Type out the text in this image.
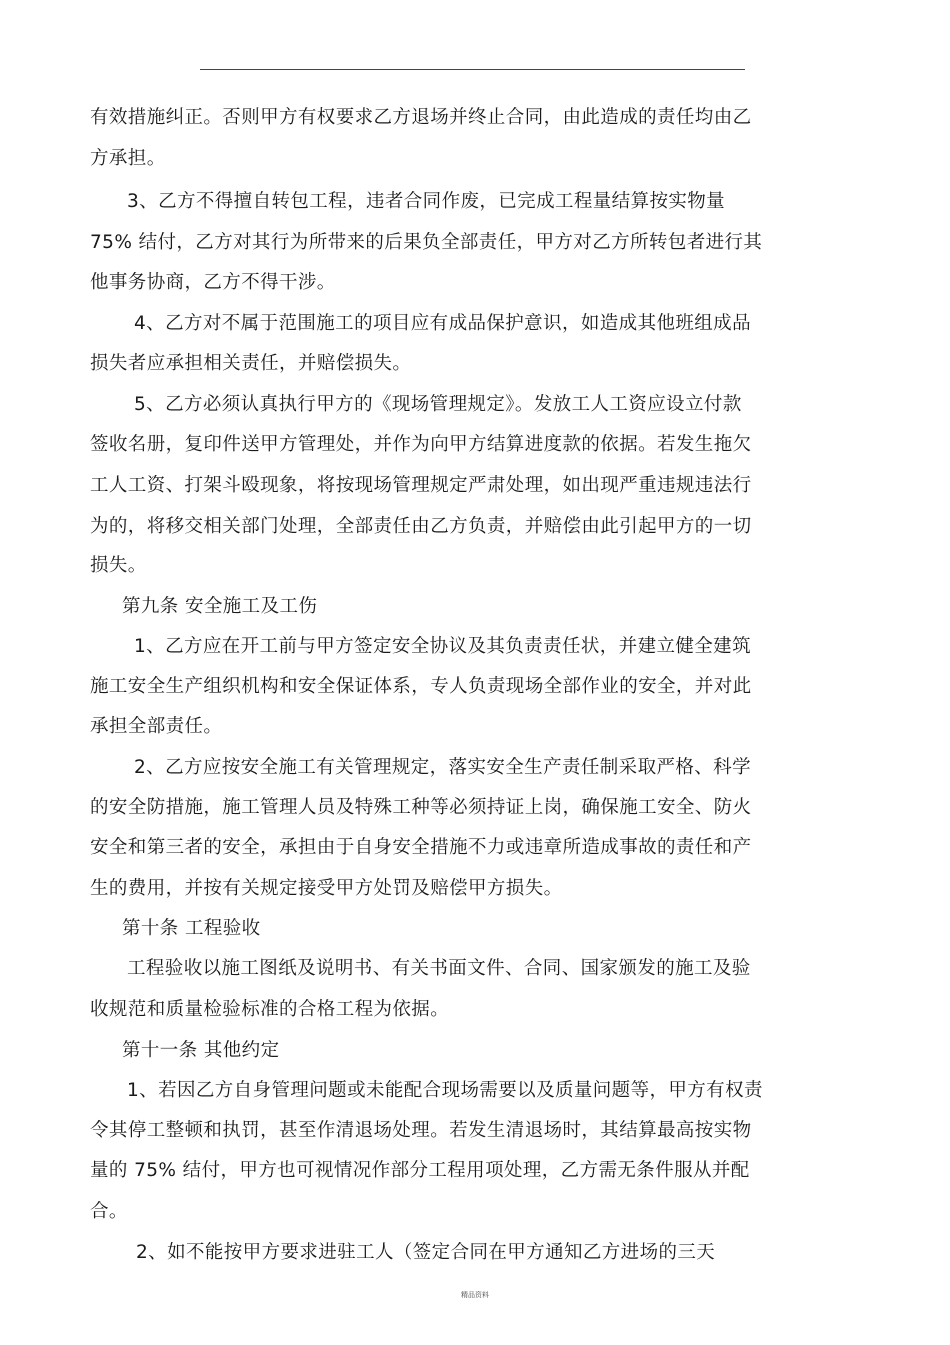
有效措施纠正。否则甲方有权要求乙方退场并终止合同，由此造成的责任均由乙
方承担。
3、乙方不得擅自转包工程，违者合同作废，已完成工程量结算按实物量
75% 结付，乙方对其行为所带来的后果负全部责任，甲方对乙方所转包者进行其
他事务协商，乙方不得干涉。
4、乙方对不属于范围施工的项目应有成品保护意识，如造成其他班组成品
损失者应承担相关责任，并赔偿损失。
5、乙方必须认真执行甲方的《现场管理规定》。发放工人工资应设立付款
签收名册，复印件送甲方管理处，并作为向甲方结算进度款的依据。若发生拖欠
工人工资、打架斗殴现象，将按现场管理规定严肃处理，如出现严重违规违法行
为的，将移交相关部门处理，全部责任由乙方负责，并赔偿由此引起甲方的一切
损失。
第九条 安全施工及工伤
1、乙方应在开工前与甲方签定安全协议及其负责责任状，并建立健全建筑
施工安全生产组织机构和安全保证体系，专人负责现场全部作业的安全，并对此
承担全部责任。
2、乙方应按安全施工有关管理规定，落实安全生产责任制采取严格、科学
的安全防措施，施工管理人员及特殊工种等必须持证上岗，确保施工安全、防火
安全和第三者的安全，承担由于自身安全措施不力或违章所造成事故的责任和产
生的费用，并按有关规定接受甲方处罚及赔偿甲方损失。
第十条 工程验收
工程验收以施工图纸及说明书、有关书面文件、合同、国家颁发的施工及验
收规范和质量检验标准的合格工程为依据。
第十一条 其他约定
1、若因乙方自身管理问题或未能配合现场需要以及质量问题等，甲方有权责
令其停工整顿和执罚，甚至作清退场处理。若发生清退场时，其结算最高按实物
量的 75% 结付，甲方也可视情况作部分工程用项处理，乙方需无条件服从并配
合。
2、如不能按甲方要求进驻工人（签定合同在甲方通知乙方进场的三天
精品资料
